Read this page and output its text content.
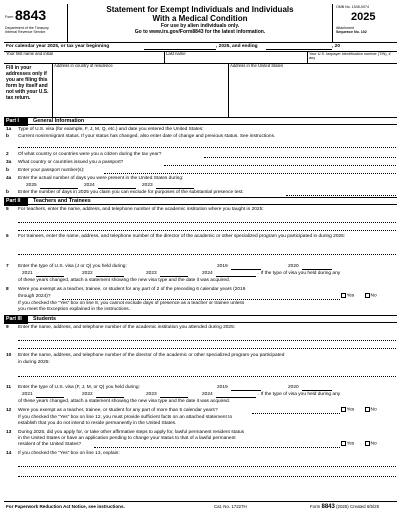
Form 8843
Department of the Treasury
Internal Revenue Service
Statement for Exempt Individuals and Individuals
With a Medical Condition
For use by alien individuals only.
Go to www.irs.gov/Form8843 for the latest information.
OMB No. 1545-0074
2025
Attachment
Sequence No. 102
For calendar year 2025, or tax year beginning	, 2025, and ending	, 20
Your first name and initial	Last name	Your U.S. taxpayer identification number (TIN), if any
Fill in your addresses only if you are filing this form by itself and not with your U.S. tax return.
Address in country of residence	Address in the United States
Part I	General Information
1a Type of U.S. visa (for example, F, J, M, Q, etc.) and date you entered the United States:
b Current nonimmigrant status. If your status has changed, also enter date of change and previous status. See instructions.
2 Of what country or countries were you a citizen during the tax year?
3a What country or countries issued you a passport?
b Enter your passport number(s):
4a Enter the actual number of days you were present in the United States during:
2025	2024	2023
b Enter the number of days in 2025 you claim you can exclude for purposes of the substantial presence test:
Part II	Teachers and Trainees
5 For teachers, enter the name, address, and telephone number of the academic institution where you taught in 2025:
6 For trainees, enter the name, address, and telephone number of the director of the academic or other specialized program you participated in during 2025:
7 Enter the type of U.S. visa (J or Q) you held during:	2019	2020
2021	2022	2023	2024	. If the type of visa you held during any
of these years changed, attach a statement showing the new visa type and the date it was acquired.
8 Were you exempt as a teacher, trainee, or student for any part of 2 of the preceding 6 calendar years (2019
through 2024)?	Yes	No
If you checked the “Yes” box on line 8, you cannot exclude days of presence as a teacher or trainee unless
you meet the Exception explained in the instructions.
Part III	Students
9 Enter the name, address, and telephone number of the academic institution you attended during 2025:
10 Enter the name, address, and telephone number of the director of the academic or other specialized program you participated
in during 2025:
11 Enter the type of U.S. visa (F, J, M, or Q) you held during:	2019	2020
2021	2022	2023	2024	. If the type of visa you held during any
of these years changed, attach a statement showing the new visa type and the date it was acquired.
12 Were you exempt as a teacher, trainee, or student for any part of more than 5 calendar years?	Yes	No
If you checked the “Yes” box on line 12, you must provide sufficient facts on an attached statement to
establish that you do not intend to reside permanently in the United States.
13 During 2025, did you apply for, or take other affirmative steps to apply for, lawful permanent resident status
in the United States or have an application pending to change your status to that of a lawful permanent
resident of the United States?	Yes	No
14 If you checked the “Yes” box on line 13, explain:
For Paperwork Reduction Act Notice, see instructions.	Cat. No. 17227H	Form 8843 (2025) Created 6/5/25
